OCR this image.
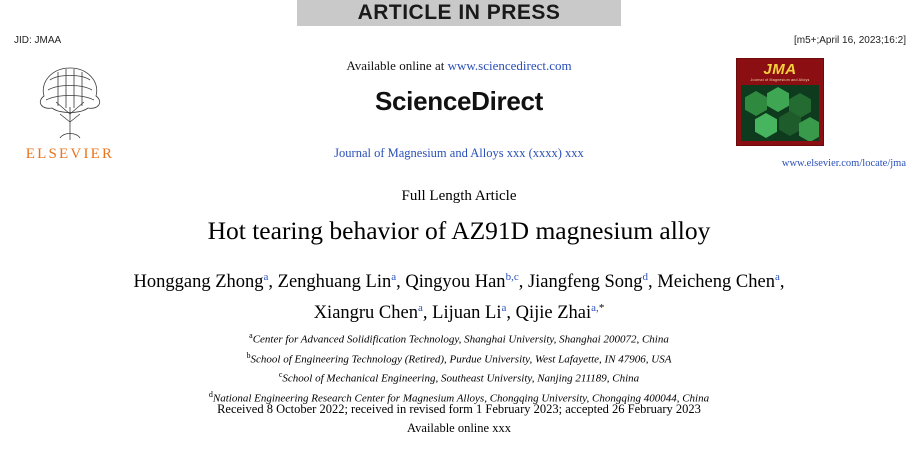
ARTICLE IN PRESS
JID: JMAA	[m5+;April 16, 2023;16:2]
ELSEVIER
Available online at www.sciencedirect.com
ScienceDirect
Journal of Magnesium and Alloys xxx (xxxx) xxx
JMA
Journal of Magnesium and Alloys
www.elsevier.com/locate/jma
Full Length Article
Hot tearing behavior of AZ91D magnesium alloy
Honggang Zhong$^a$, Zenghuang Lin$^a$, Qingyou Han$^{b,c}$, Jiangfeng Song$^d$, Meicheng Chen$^a$,
Xiangru Chen$^a$, Lijuan Li$^a$, Qijie Zhai$^{a,*}$
$^a$Center for Advanced Solidification Technology, Shanghai University, Shanghai 200072, China
$^b$School of Engineering Technology (Retired), Purdue University, West Lafayette, IN 47906, USA
$^c$School of Mechanical Engineering, Southeast University, Nanjing 211189, China
$^d$National Engineering Research Center for Magnesium Alloys, Chongqing University, Chongqing 400044, China
Received 8 October 2022; received in revised form 1 February 2023; accepted 26 February 2023
Available online xxx
